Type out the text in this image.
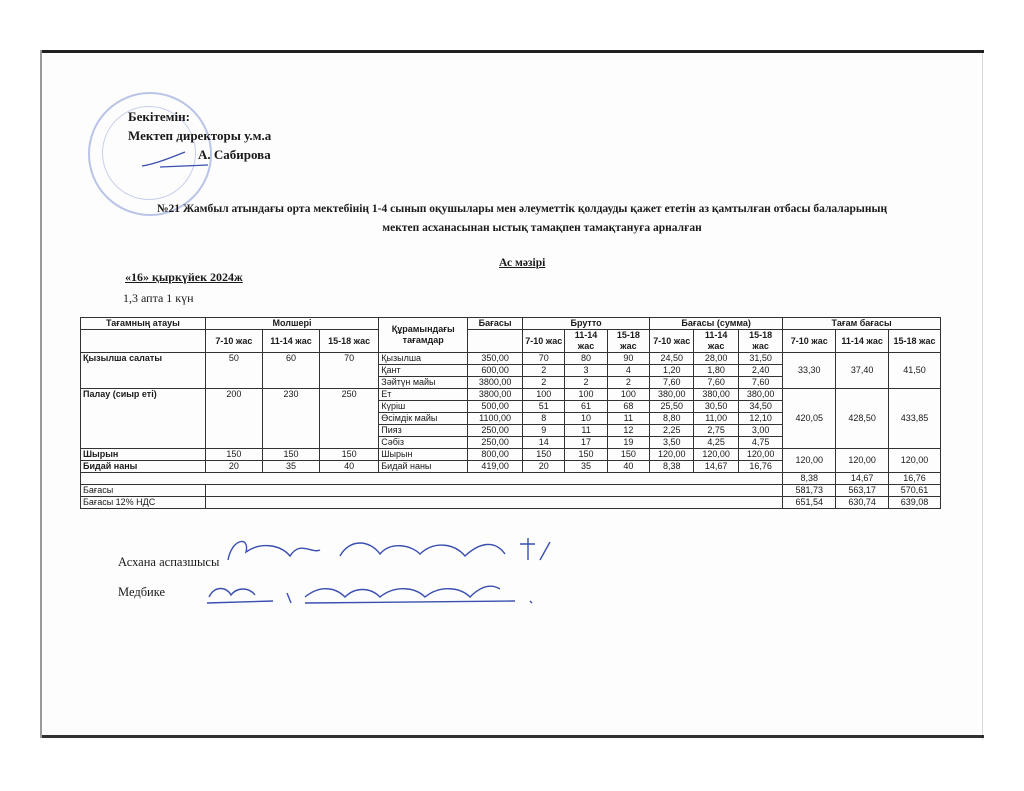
Бекітемін:
Мектеп директоры у.м.а
А. Сабирова
№21 Жамбыл атындағы орта мектебінің 1-4 сынып оқушылары мен әлеуметтік қолдауды қажет ететін аз қамтылған отбасы балаларының
мектеп асханасынан ыстық тамақпен тамақтануға арналған
Ас мәзірі
«16» қыркүйек 2024ж
1,3 апта 1 күн
Тағамның атауы	Молшері			Құрамындағы тағамдар	Бағасы	Брутто			Бағасы (сумма)			Тағам бағасы		
	7-10 жас	11-14 жас	15-18 жас			7-10 жас	11-14 жас	15-18 жас	7-10 жас	11-14 жас	15-18 жас	7-10 жас	11-14 жас	15-18 жас
Қызылша салаты	50	60	70	Қызылша	350,00	70	80	90	24,50	28,00	31,50	33,30	37,40	41,50
				Қант	600,00	2	3	4	1,20	1,80	2,40			
				Зәйтүн майы	3800,00	2	2	2	7,60	7,60	7,60			
Палау (сиыр еті)	200	230	250	Ет	3800,00	100	100	100	380,00	380,00	380,00	420,05	428,50	433,85
				Күріш	500,00	51	61	68	25,50	30,50	34,50			
				Өсімдік майы	1100,00	8	10	11	8,80	11,00	12,10			
				Пияз	250,00	9	11	12	2,25	2,75	3,00			
				Сәбіз	250,00	14	17	19	3,50	4,25	4,75			
Шырын	150	150	150	Шырын	800,00	150	150	150	120,00	120,00	120,00	120,00	120,00	120,00
Бидай наны	20	35	40	Бидай наны	419,00	20	35	40	8,38	14,67	16,76			
												8,38	14,67	16,76
Бағасы												581,73	563,17	570,61
Бағасы 12% НДС												651,54	630,74	639,08
Асхана аспазшысы
Медбике
